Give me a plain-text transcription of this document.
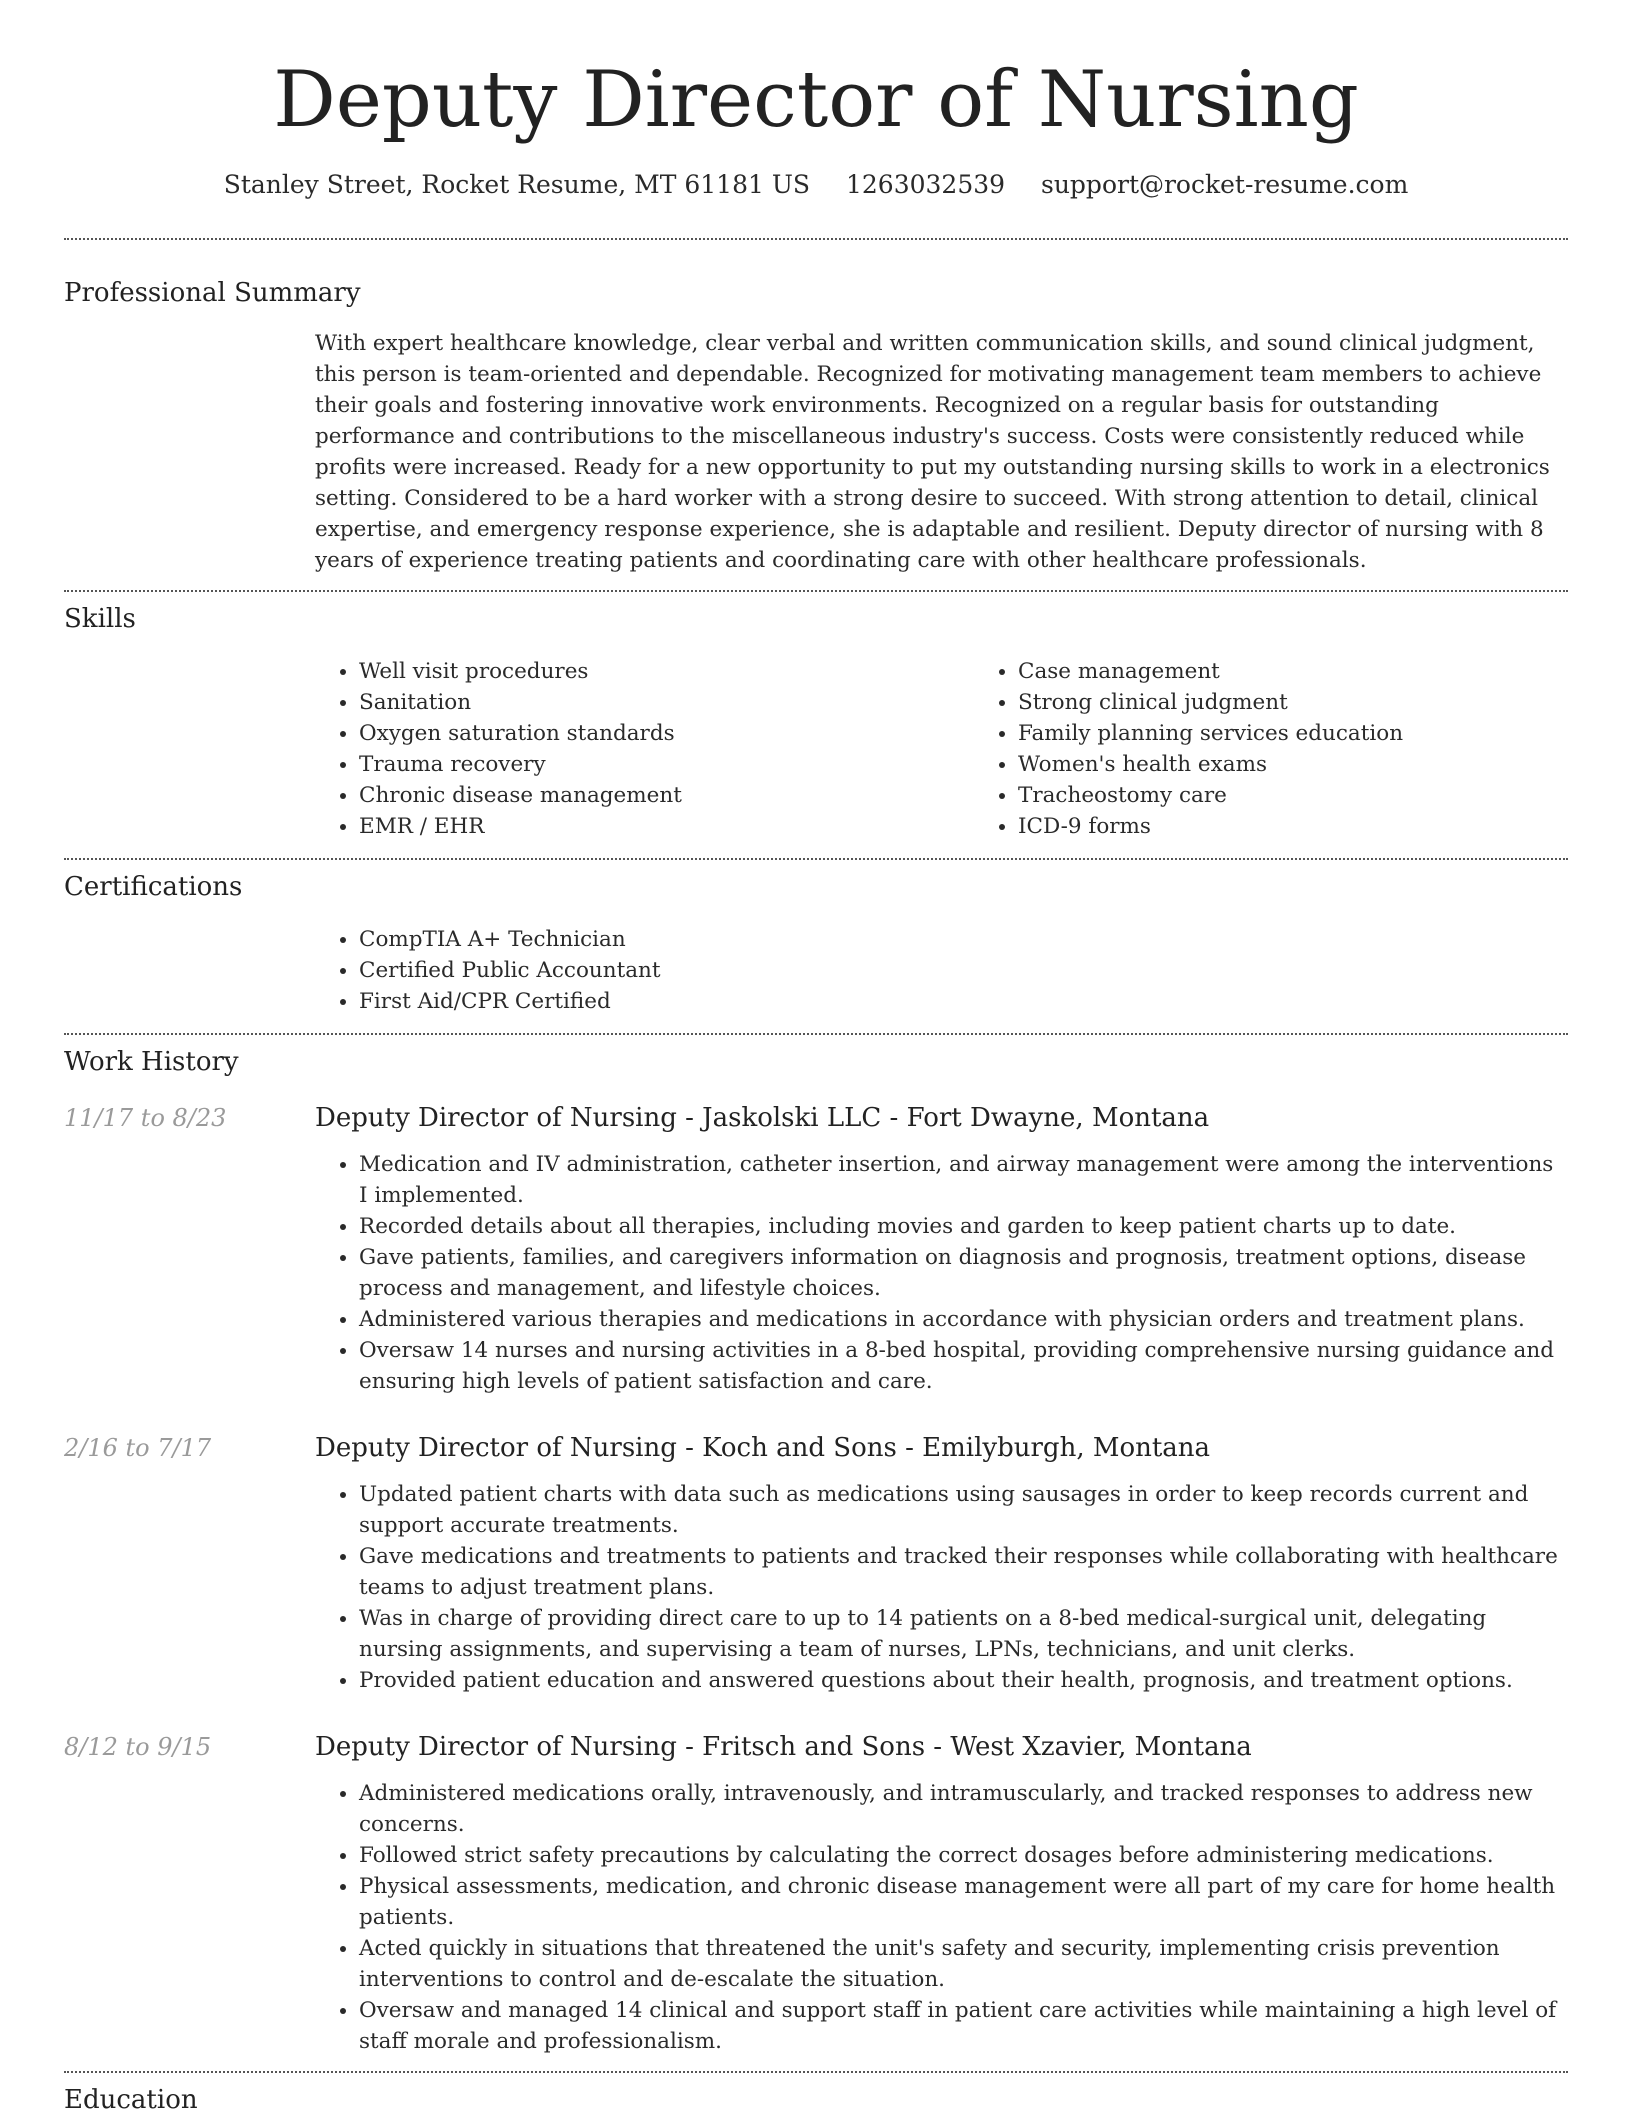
Deputy Director of Nursing
Stanley Street, Rocket Resume, MT 61181 US 1263032539 support@rocket-resume.com
Professional Summary
With expert healthcare knowledge, clear verbal and written communication skills, and sound clinical judgment, this person is team-oriented and dependable. Recognized for motivating management team members to achieve their goals and fostering innovative work environments. Recognized on a regular basis for outstanding performance and contributions to the miscellaneous industry's success. Costs were consistently reduced while profits were increased. Ready for a new opportunity to put my outstanding nursing skills to work in a electronics setting. Considered to be a hard worker with a strong desire to succeed. With strong attention to detail, clinical expertise, and emergency response experience, she is adaptable and resilient. Deputy director of nursing with 8 years of experience treating patients and coordinating care with other healthcare professionals.
Skills
• Well visit procedures
• Sanitation
• Oxygen saturation standards
• Trauma recovery
• Chronic disease management
• EMR / EHR
• Case management
• Strong clinical judgment
• Family planning services education
• Women's health exams
• Tracheostomy care
• ICD-9 forms
Certifications
• CompTIA A+ Technician
• Certified Public Accountant
• First Aid/CPR Certified
Work History
11/17 to 8/23	Deputy Director of Nursing - Jaskolski LLC - Fort Dwayne, Montana
• Medication and IV administration, catheter insertion, and airway management were among the interventions I implemented.
• Recorded details about all therapies, including movies and garden to keep patient charts up to date.
• Gave patients, families, and caregivers information on diagnosis and prognosis, treatment options, disease process and management, and lifestyle choices.
• Administered various therapies and medications in accordance with physician orders and treatment plans.
• Oversaw 14 nurses and nursing activities in a 8-bed hospital, providing comprehensive nursing guidance and ensuring high levels of patient satisfaction and care.
2/16 to 7/17	Deputy Director of Nursing - Koch and Sons - Emilyburgh, Montana
• Updated patient charts with data such as medications using sausages in order to keep records current and support accurate treatments.
• Gave medications and treatments to patients and tracked their responses while collaborating with healthcare teams to adjust treatment plans.
• Was in charge of providing direct care to up to 14 patients on a 8-bed medical-surgical unit, delegating nursing assignments, and supervising a team of nurses, LPNs, technicians, and unit clerks.
• Provided patient education and answered questions about their health, prognosis, and treatment options.
8/12 to 9/15	Deputy Director of Nursing - Fritsch and Sons - West Xzavier, Montana
• Administered medications orally, intravenously, and intramuscularly, and tracked responses to address new concerns.
• Followed strict safety precautions by calculating the correct dosages before administering medications.
• Physical assessments, medication, and chronic disease management were all part of my care for home health patients.
• Acted quickly in situations that threatened the unit's safety and security, implementing crisis prevention interventions to control and de-escalate the situation.
• Oversaw and managed 14 clinical and support staff in patient care activities while maintaining a high level of staff morale and professionalism.
Education
